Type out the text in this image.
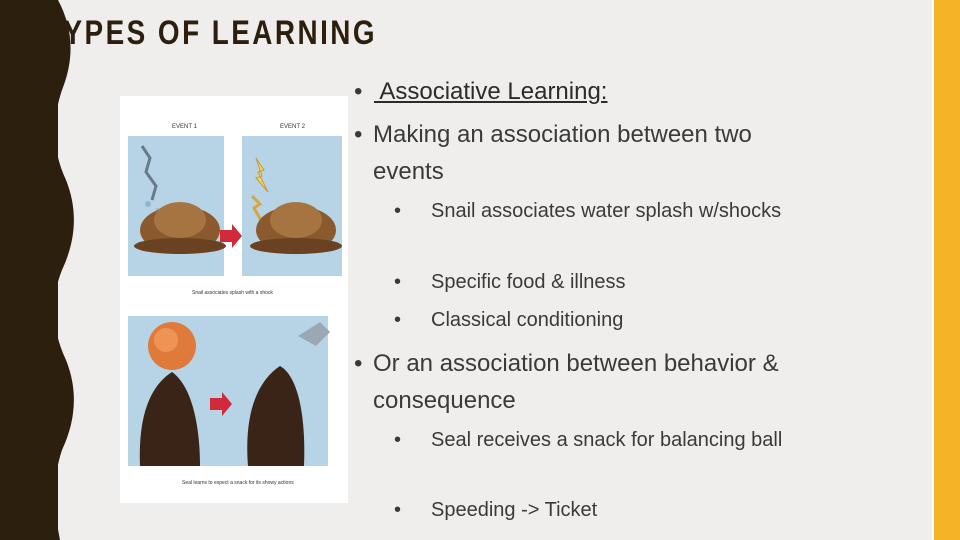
TYPES OF LEARNING
EVENT 1	EVENT 2
Snail associates splash with a shock
Seal learns to expect a snack for its showy actions
• Associative Learning:
• Making an association between two events
•	Snail associates water splash w/shocks
•	Specific food & illness
•	Classical conditioning
• Or an association between behavior & consequence
•	Seal receives a snack for balancing ball
•	Speeding -> Ticket
